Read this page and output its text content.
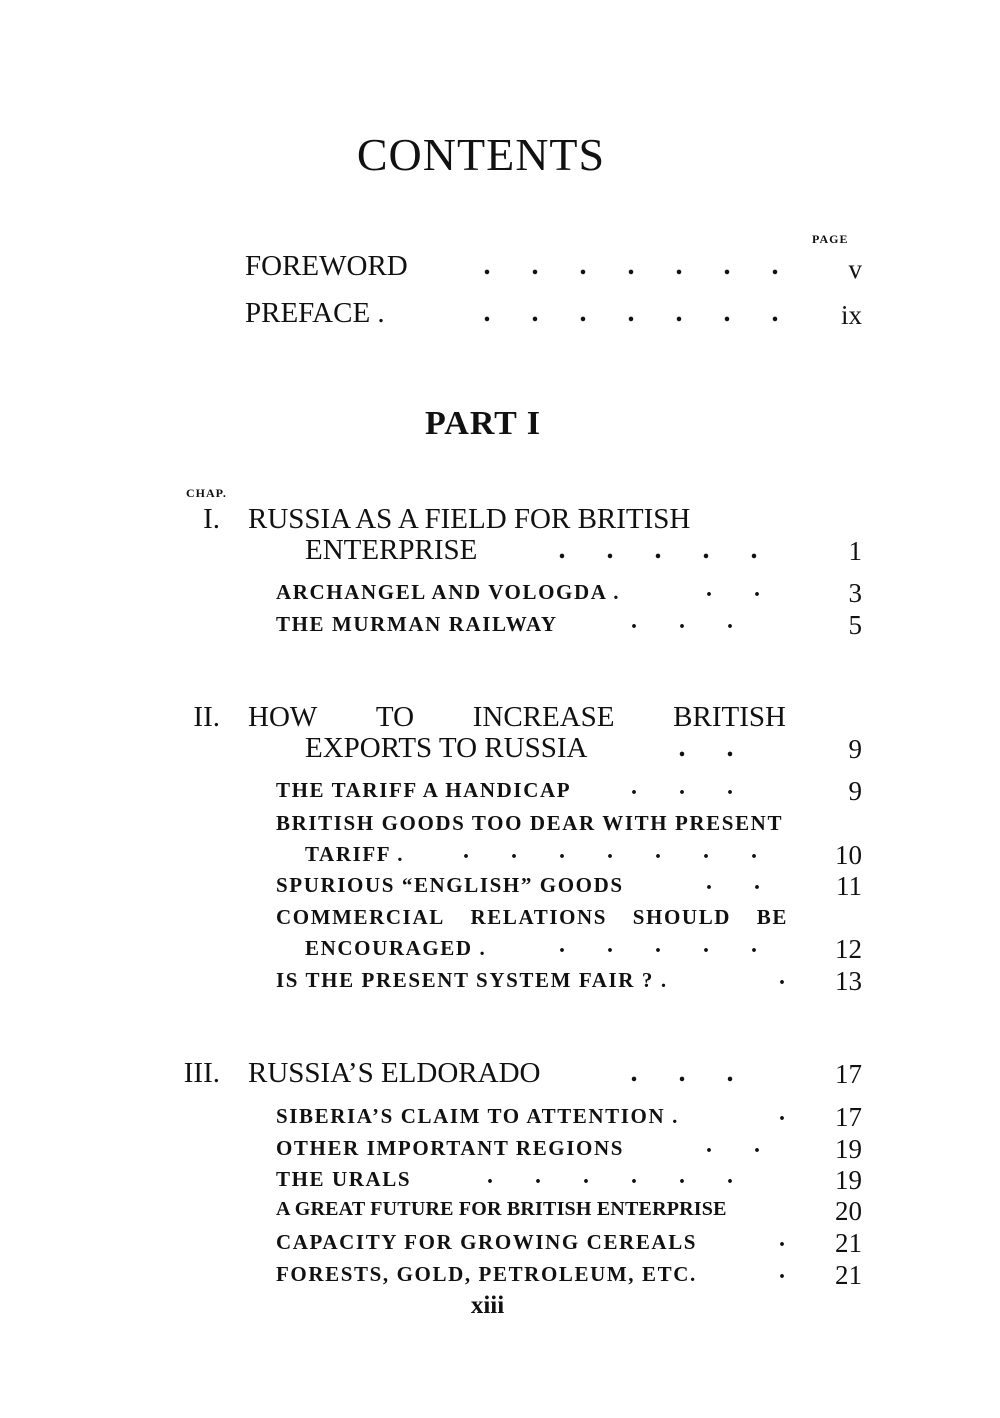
CONTENTS
PAGE
FOREWORD	. . . . . . .	v
PREFACE .	. . . . . . .	ix
PART I
CHAP.
I. RUSSIA AS A FIELD FOR BRITISH
ENTERPRISE	. . . . .	1
ARCHANGEL AND VOLOGDA .	. .	3
THE MURMAN RAILWAY	. . .	5
II. HOW TO INCREASE BRITISH
EXPORTS TO RUSSIA	. .	9
THE TARIFF A HANDICAP	. . .	9
BRITISH GOODS TOO DEAR WITH PRESENT
TARIFF .	. . . . . . .	10
SPURIOUS “ENGLISH” GOODS	. .	11
COMMERCIAL RELATIONS SHOULD BE
ENCOURAGED .	. . . . .	12
IS THE PRESENT SYSTEM FAIR ? .	.	13
III. RUSSIA’S ELDORADO	. . .	17
SIBERIA’S CLAIM TO ATTENTION .	.	17
OTHER IMPORTANT REGIONS	. .	19
THE URALS	. . . . . .	19
A GREAT FUTURE FOR BRITISH ENTERPRISE	20
CAPACITY FOR GROWING CEREALS	.	21
FORESTS, GOLD, PETROLEUM, ETC.	.	21
xiii
